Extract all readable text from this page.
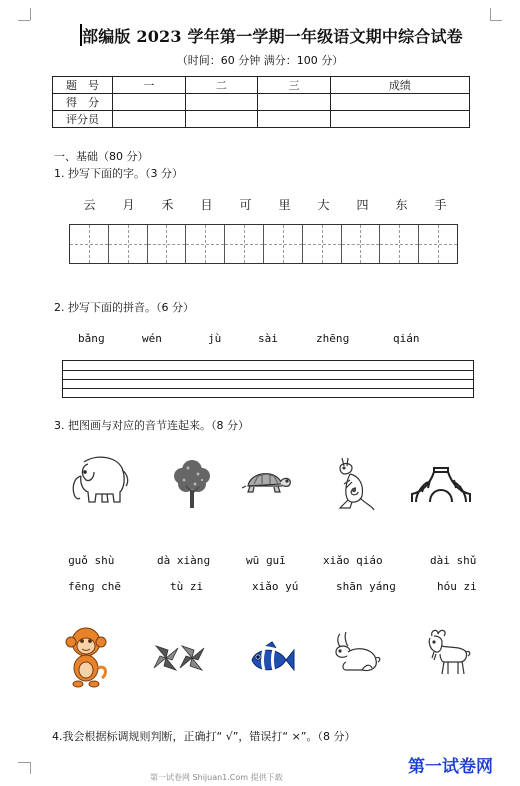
部编版 2023 学年第一学期一年级语文期中综合试卷
（时间：60 分钟 满分：100 分）
题　号	一	二	三	成绩
得　分				
评分员				
一、基础（80 分）
1. 抄写下面的字。（3 分）
云	月	禾	目	可	里	大	四	东	手
2. 抄写下面的拼音。（6 分）
bǎnɡ	wén	jù	sài	zhēnɡ	qián
3. 把图画与对应的音节连起来。（8 分）
ɡuǒ shù	dà xiànɡ	wū ɡuī	xiǎo qiáo	dài shǔ
fēnɡ chē	tù zi	xiǎo yú	shān yánɡ	hóu zi
4.我会根据标调规则判断，正确打“ √”，错误打“ ×”。（8 分）
第一试卷网 Shijuan1.Com 提供下载
第一试卷网
